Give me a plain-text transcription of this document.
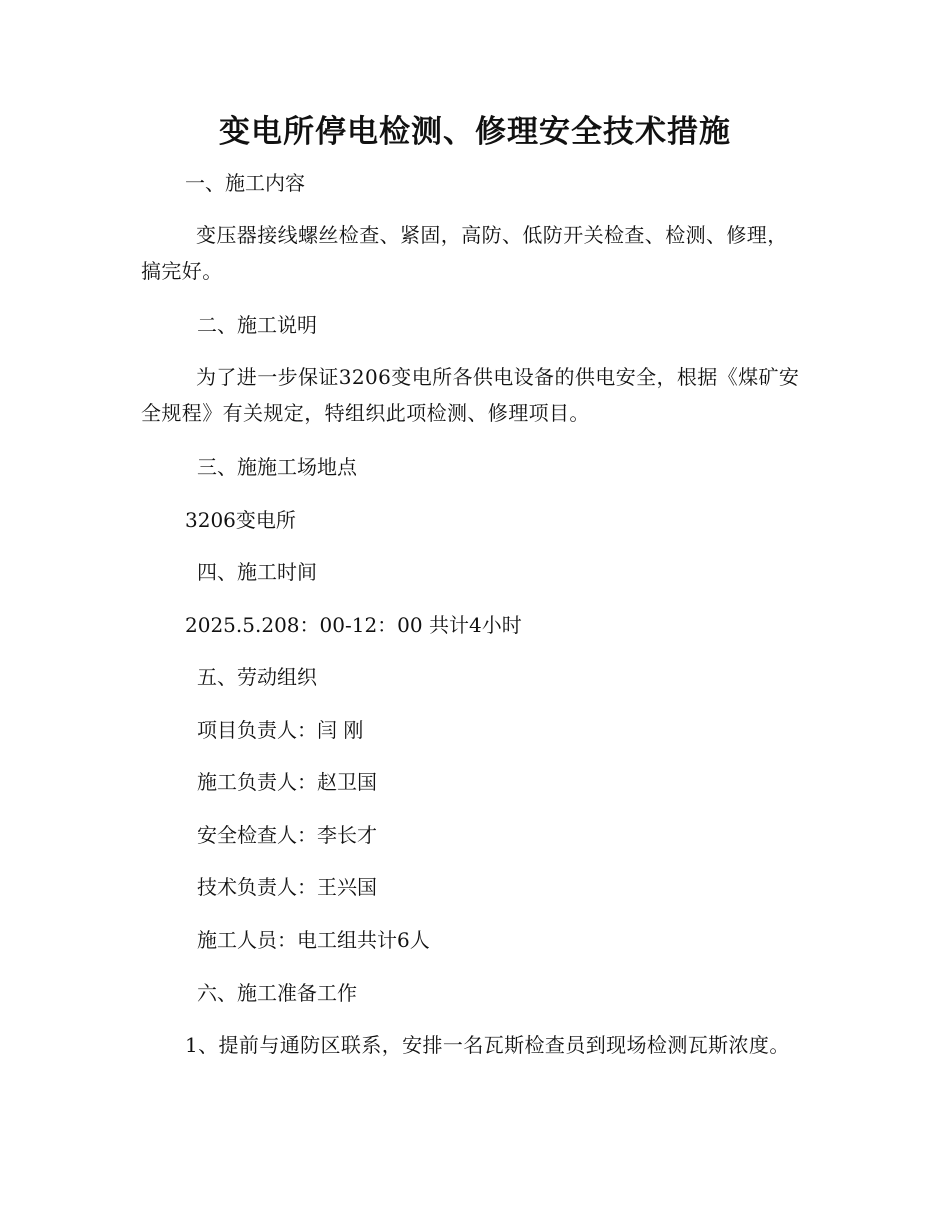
变电所停电检测、修理安全技术措施
一、施工内容
变压器接线螺丝检查、紧固，高防、低防开关检查、检测、修理，搞完好。
二、施工说明
为了进一步保证3206变电所各供电设备的供电安全，根据《煤矿安全规程》有关规定，特组织此项检测、修理项目。
三、施施工场地点
3206变电所
四、施工时间
2025.5.208：00-12：00 共计4小时
五、劳动组织
项目负责人：闫 刚
施工负责人：赵卫国
安全检查人：李长才
技术负责人：王兴国
施工人员：电工组共计6人
六、施工准备工作
1、提前与通防区联系，安排一名瓦斯检查员到现场检测瓦斯浓度。
